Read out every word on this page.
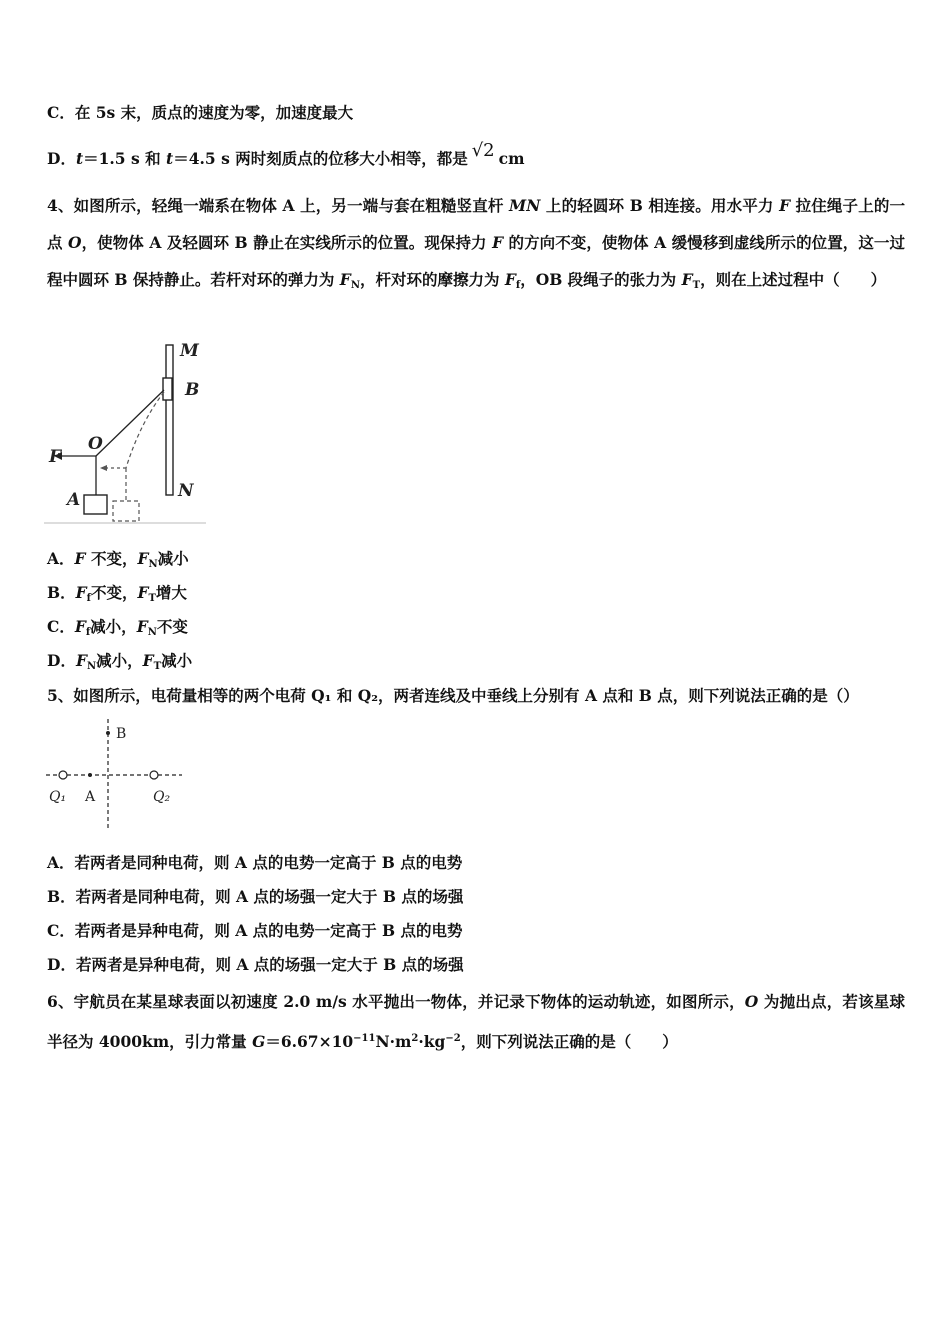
C．在 5s 末，质点的速度为零，加速度最大
D．t＝1.5 s 和 t＝4.5 s 两时刻质点的位移大小相等，都是 √2 cm
4、如图所示，轻绳一端系在物体 A 上，另一端与套在粗糙竖直杆 MN 上的轻圆环 B 相连接。用水平力 F 拉住绳子上的一点 O，使物体 A 及轻圆环 B 静止在实线所示的位置。现保持力 F 的方向不变，使物体 A 缓慢移到虚线所示的位置，这一过程中圆环 B 保持静止。若杆对环的弹力为 $F_N$，杆对环的摩擦力为 $F_f$，OB 段绳子的张力为 $F_T$，则在上述过程中（　　）
M
B
N
O
F
A
A．F 不变，$F_N$减小
B．$F_f$不变，$F_T$增大
C．$F_f$减小，$F_N$不变
D．$F_N$减小，$F_T$减小
5、如图所示，电荷量相等的两个电荷 Q₁ 和 Q₂，两者连线及中垂线上分别有 A 点和 B 点，则下列说法正确的是（）
B
A
Q₁	Q₂
A．若两者是同种电荷，则 A 点的电势一定高于 B 点的电势
B．若两者是同种电荷，则 A 点的场强一定大于 B 点的场强
C．若两者是异种电荷，则 A 点的电势一定高于 B 点的电势
D．若两者是异种电荷，则 A 点的场强一定大于 B 点的场强
6、宇航员在某星球表面以初速度 2.0 m/s 水平抛出一物体，并记录下物体的运动轨迹，如图所示，O 为抛出点，若该星球半径为 4000km，引力常量 $G=6.67\times 10^{-11}N\cdot m^2\cdot kg^{-2}$，则下列说法正确的是（　　）
